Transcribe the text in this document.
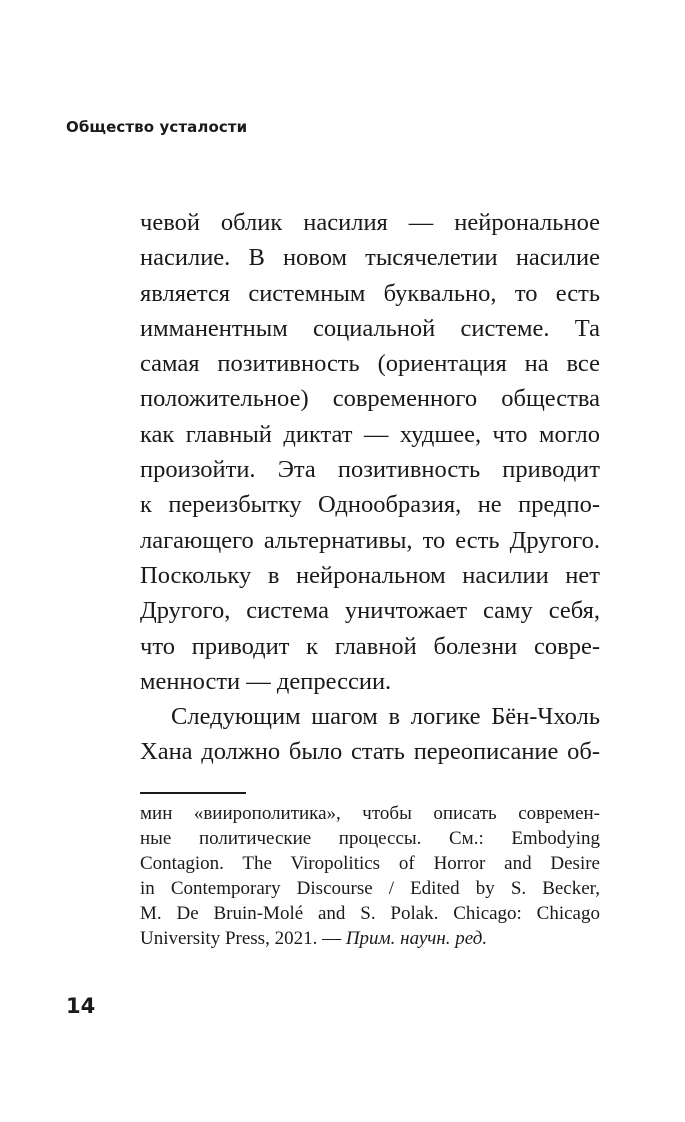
Общество усталости
чевой облик насилия — нейрональное
насилие. В новом тысячелетии насилие
является системным буквально, то есть
имманентным социальной системе. Та
самая позитивность (ориентация на все
положительное) современного общества
как главный диктат — худшее, что могло
произойти. Эта позитивность приводит
к переизбытку Однообразия, не предпо-
лагающего альтернативы, то есть Другого.
Поскольку в нейрональном насилии нет
Другого, система уничтожает саму себя,
что приводит к главной болезни совре-
менности — депрессии.
Следующим шагом в логике Бён-Чхоль
Хана должно было стать переописание об-
мин «виирополитика», чтобы описать современ-
ные политические процессы. См.: Embodying
Contagion. The Viropolitics of Horror and Desire
in Contemporary Discourse / Edited by S. Becker,
M. De Bruin-Molé and S. Polak. Chicago: Chicago
University Press, 2021. — Прим. научн. ред.
14
